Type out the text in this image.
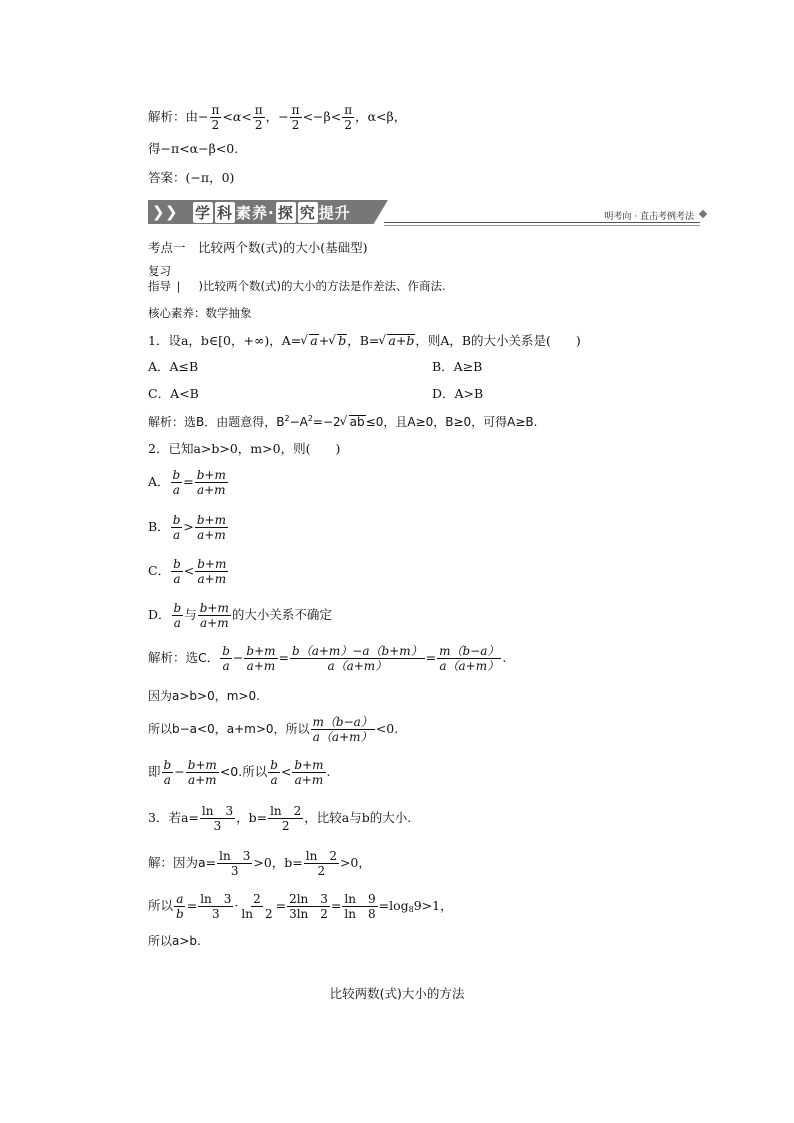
解析：由− $\frac{\pi}{2} <\alpha< \frac{\pi}{2}$ ，− $\frac{\pi}{2} <-\beta< \frac{\pi}{2}$ ，α<β，
得−π<α−β<0.
答案：(−π，0)
❯ ❯ 学 科 素养· 探 究 提升	明考向 · 直击考例考法
考点一　比较两个数(式)的大小(基础型)
复习
指导 | )比较两个数(式)的大小的方法是作差法、作商法.
核心素养：数学抽象
1．设a，b∈[0，+∞)，A=√ a+√ b，B=√ a+b，则A，B的大小关系是(　　)
A．A≤B	B．A≥B
C．A<B	D．A>B
解析：选B．由题意得，$B^2-A^2=-2√$ ab≤0，且A≥0，B≥0，可得A≥B.
2．已知a>b>0，m>0，则(　　)
A． $\frac{b}{a} = \frac{b+m}{a+m}$
B． $\frac{b}{a} > \frac{b+m}{a+m}$
C． $\frac{b}{a} < \frac{b+m}{a+m}$
D． $\frac{b}{a}$ 与 $\frac{b+m}{a+m}$ 的大小关系不确定
解析：选C． $\frac{b}{a} - \frac{b+m}{a+m} = \frac{b(a+m)-a(b+m)}{a(a+m)} = \frac{m(b-a)}{a(a+m)}$ .
因为a>b>0，m>0.
所以b−a<0，a+m>0，所以 $\frac{m(b-a)}{a(a+m)} <0$.
即 $\frac{b}{a} - \frac{b+m}{a+m} <0$.所以 $\frac{b}{a} < \frac{b+m}{a+m}$ .
3．若$a= \frac{\ln 3}{3}$ ，$b= \frac{\ln 2}{2}$ ，比较a与b的大小.
解：因为$a= \frac{\ln 3}{3} >0$，$b= \frac{\ln 2}{2} >0$，
所以 $\frac{a}{b} = \frac{\ln 3}{3} \cdot \frac{2}{\ln 2} = \frac{2\ln 3}{3\ln 2} = \frac{\ln 9}{\ln 8} =\log_89>1$，
所以a>b.
比较两数(式)大小的方法
